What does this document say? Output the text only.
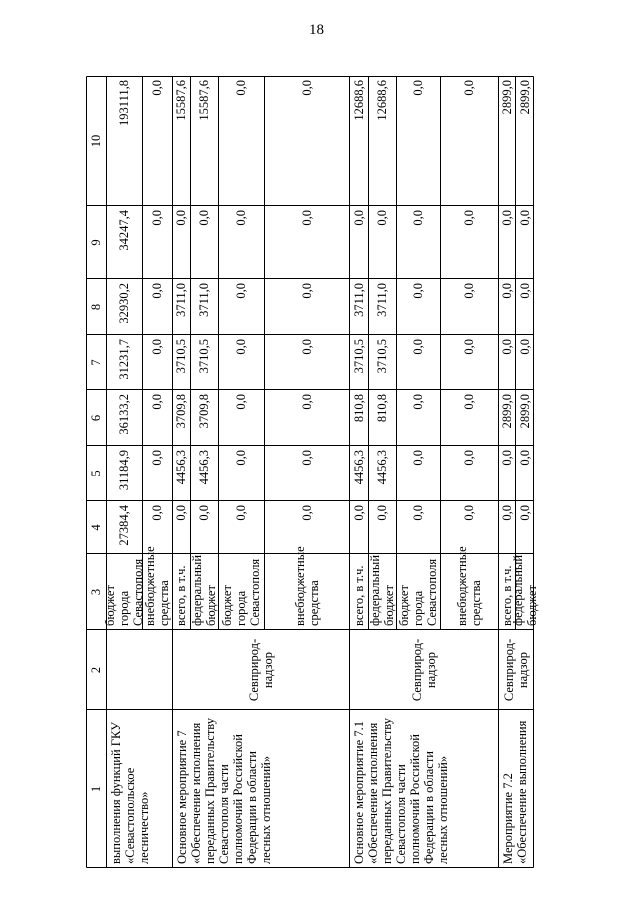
18
1
2
3
4
5
6
7
8
9
10
выполнения функций ГКУ «Севастопольское лесничество» Основное мероприятие 7 «Обеспечение исполнения переданных Правительству Севастополя части полномочий Российской Федерации в области лесных отношений»
Севприрод-надзор
Основное мероприятие 7.1 «Обеспечение исполнения переданных Правительству Севастополя части полномочий Российской Федерации в области лесных отношений»
Севприрод-надзор
Мероприятие 7.2 «Обеспечение выполнения
Севприрод-надзор
бюджет города Севастополя
27384,4
31184,9
36133,2
31231,7
32930,2
34247,4
193111,8
внебюджетные средства
0,0
0,0
0,0
0,0
0,0
0,0
0,0
всего, в т.ч.
0,0
4456,3
3709,8
3710,5
3711,0
0,0
15587,6
федеральный бюджет
0,0
4456,3
3709,8
3710,5
3711,0
0,0
15587,6
бюджет города Севастополя
0,0
0,0
0,0
0,0
0,0
0,0
0,0
внебюджетные средства
0,0
0,0
0,0
0,0
0,0
0,0
0,0
всего, в т.ч.
0,0
4456,3
810,8
3710,5
3711,0
0,0
12688,6
федеральный бюджет
0,0
4456,3
810,8
3710,5
3711,0
0,0
12688,6
бюджет города Севастополя
0,0
0,0
0,0
0,0
0,0
0,0
0,0
внебюджетные средства
0,0
0,0
0,0
0,0
0,0
0,0
0,0
всего, в т.ч.
0,0
0,0
2899,0
0,0
0,0
0,0
2899,0
федеральный бюджет
0,0
0,0
2899,0
0,0
0,0
0,0
2899,0
